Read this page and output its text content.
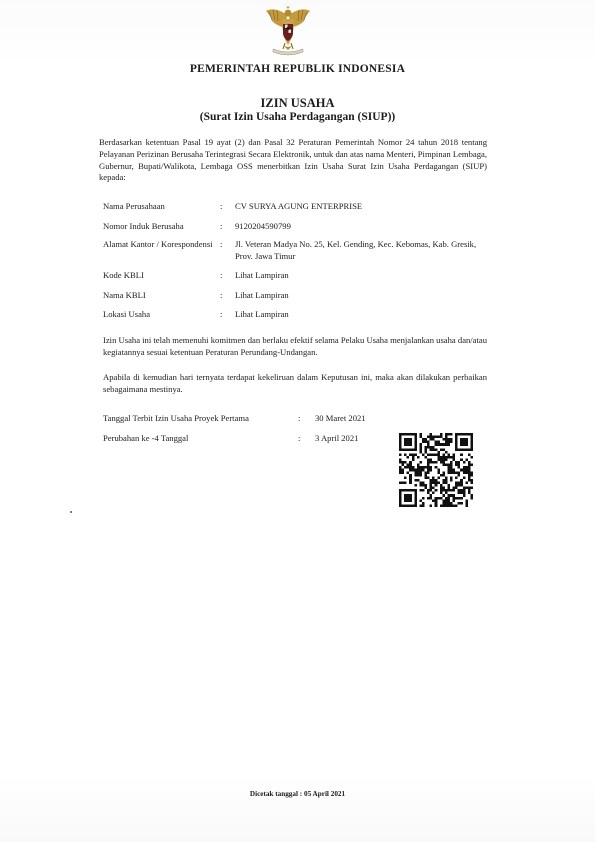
PEMERINTAH REPUBLIK INDONESIA
IZIN USAHA
(Surat Izin Usaha Perdagangan (SIUP))
Berdasarkan ketentuan Pasal 19 ayat (2) dan Pasal 32 Peraturan Pemerintah Nomor 24 tahun 2018 tentang Pelayanan Perizinan Berusaha Terintegrasi Secara Elektronik, untuk dan atas nama Menteri, Pimpinan Lembaga, Gubernur, Bupati/Walikota, Lembaga OSS menerbitkan Izin Usaha Surat Izin Usaha Perdagangan (SIUP) kepada:
Nama Perusahaan	: CV SURYA AGUNG ENTERPRISE
Nomor Induk Berusaha	: 9120204590799
Alamat Kantor / Korespondensi : Jl. Veteran Madya No. 25, Kel. Gending, Kec. Kebomas, Kab. Gresik, Prov. Jawa Timur
Kode KBLI	: Lihat Lampiran
Nama KBLI	: Lihat Lampiran
Lokasi Usaha	: Lihat Lampiran
Izin Usaha ini telah memenuhi komitmen dan berlaku efektif selama Pelaku Usaha menjalankan usaha dan/atau kegiatannya sesuai ketentuan Peraturan Perundang-Undangan.
Apabila di kemudian hari ternyata terdapat kekeliruan dalam Keputusan ini, maka akan dilakukan perbaikan sebagaimana mestinya.
Tanggal Terbit Izin Usaha Proyek Pertama	: 30 Maret 2021
Perubahan ke -4 Tanggal	: 3 April 2021
Dicetak tanggal : 05 April 2021
